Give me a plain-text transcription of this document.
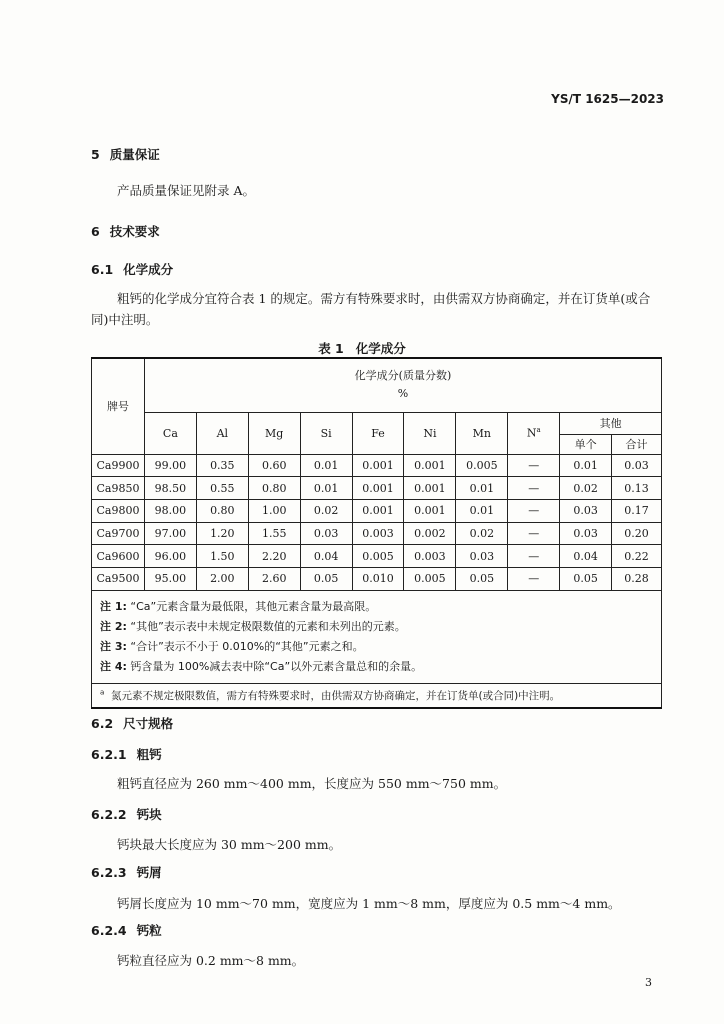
YS/T 1625—2023
5 质量保证
产品质量保证见附录 A。
6 技术要求
6.1 化学成分
粗钙的化学成分宜符合表 1 的规定。需方有特殊要求时，由供需双方协商确定，并在订货单(或合同)中注明。
表 1 化学成分
牌号	化学成分(质量分数)
%									

	Ca	Al	Mg	Si	Fe	Ni	Mn	$N^a$	其他	
									单个	合计
Ca9900	99.00	0.35	0.60	0.01	0.001	0.001	0.005	—	0.01	0.03
Ca9850	98.50	0.55	0.80	0.01	0.001	0.001	0.01	—	0.02	0.13
Ca9800	98.00	0.80	1.00	0.02	0.001	0.001	0.01	—	0.03	0.17
Ca9700	97.00	1.20	1.55	0.03	0.003	0.002	0.02	—	0.03	0.20
Ca9600	96.00	1.50	2.20	0.04	0.005	0.003	0.03	—	0.04	0.22
Ca9500	95.00	2.00	2.60	0.05	0.010	0.005	0.05	—	0.05	0.28

注 1: “Ca”元素含量为最低限，其他元素含量为最高限。
注 2: “其他”表示表中未规定极限数值的元素和未列出的元素。
注 3: “合计”表示不小于 0.010%的“其他”元素之和。
注 4: 钙含量为 100%减去表中除“Ca”以外元素含量总和的余量。										

$^a$ 氮元素不规定极限数值，需方有特殊要求时，由供需双方协商确定，并在订货单(或合同)中注明。										
6.2 尺寸规格
6.2.1 粗钙
粗钙直径应为 260 mm～400 mm，长度应为 550 mm～750 mm。
6.2.2 钙块
钙块最大长度应为 30 mm～200 mm。
6.2.3 钙屑
钙屑长度应为 10 mm～70 mm，宽度应为 1 mm～8 mm，厚度应为 0.5 mm～4 mm。
6.2.4 钙粒
钙粒直径应为 0.2 mm～8 mm。
3
